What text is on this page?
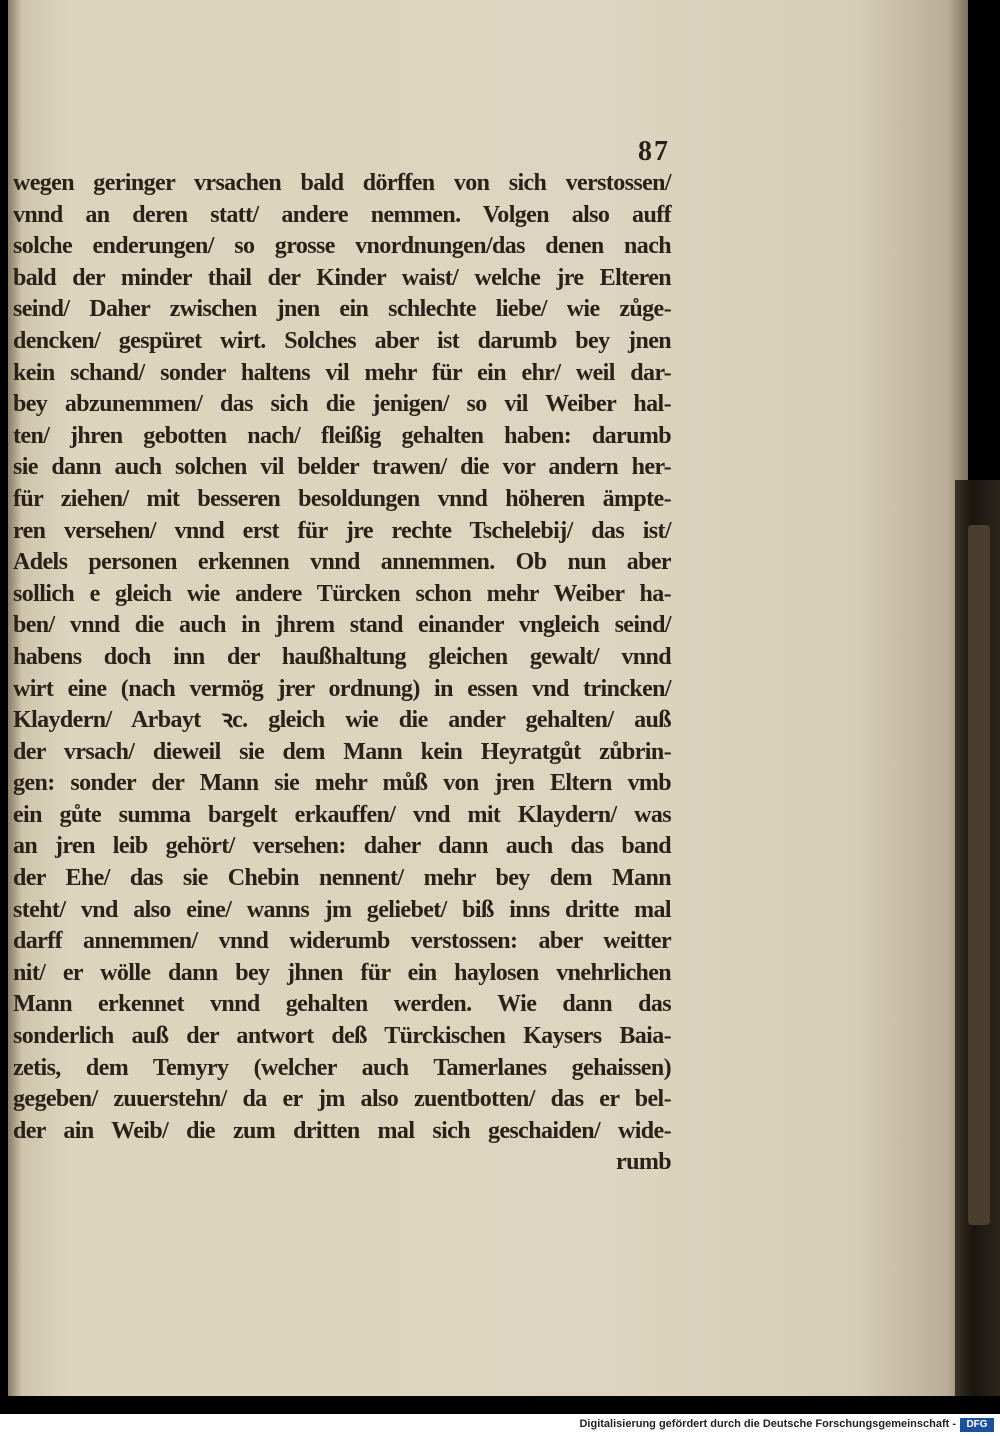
87
wegen geringer vrsachen bald dörffen von sich verstossen/
vnnd an deren statt/ andere nemmen. Volgen also auff
solche enderungen/ so grosse vnordnungen/das denen nach
bald der minder thail der Kinder waist/ welche jre Elteren
seind/ Daher zwischen jnen ein schlechte liebe/ wie zůge-
dencken/ gespüret wirt. Solches aber ist darumb bey jnen
kein schand/ sonder haltens vil mehr für ein ehr/ weil dar-
bey abzunemmen/ das sich die jenigen/ so vil Weiber hal-
ten/ jhren gebotten nach/ fleißig gehalten haben: darumb
sie dann auch solchen vil belder trawen/ die vor andern her-
für ziehen/ mit besseren besoldungen vnnd höheren ämpte-
ren versehen/ vnnd erst für jre rechte Tschelebij/ das ist/
Adels personen erkennen vnnd annemmen. Ob nun aber
sollich e gleich wie andere Türcken schon mehr Weiber ha-
ben/ vnnd die auch in jhrem stand einander vngleich seind/
habens doch inn der haußhaltung gleichen gewalt/ vnnd
wirt eine (nach vermög jrer ordnung) in essen vnd trincken/
Klaydern/ Arbayt ꝛc. gleich wie die ander gehalten/ auß
der vrsach/ dieweil sie dem Mann kein Heyratgůt zůbrin-
gen: sonder der Mann sie mehr můß von jren Eltern vmb
ein gůte summa bargelt erkauffen/ vnd mit Klaydern/ was
an jren leib gehört/ versehen: daher dann auch das band
der Ehe/ das sie Chebin nennent/ mehr bey dem Mann
steht/ vnd also eine/ wanns jm geliebet/ biß inns dritte mal
darff annemmen/ vnnd widerumb verstossen: aber weitter
nit/ er wölle dann bey jhnen für ein haylosen vnehrlichen
Mann erkennet vnnd gehalten werden. Wie dann das
sonderlich auß der antwort deß Türckischen Kaysers Baia-
zetis, dem Temyry (welcher auch Tamerlanes gehaissen)
gegeben/ zuuerstehn/ da er jm also zuentbotten/ das er bel-
der ain Weib/ die zum dritten mal sich geschaiden/ wide-
rumb
Digitalisierung gefördert durch die Deutsche Forschungsgemeinschaft -	DFG
